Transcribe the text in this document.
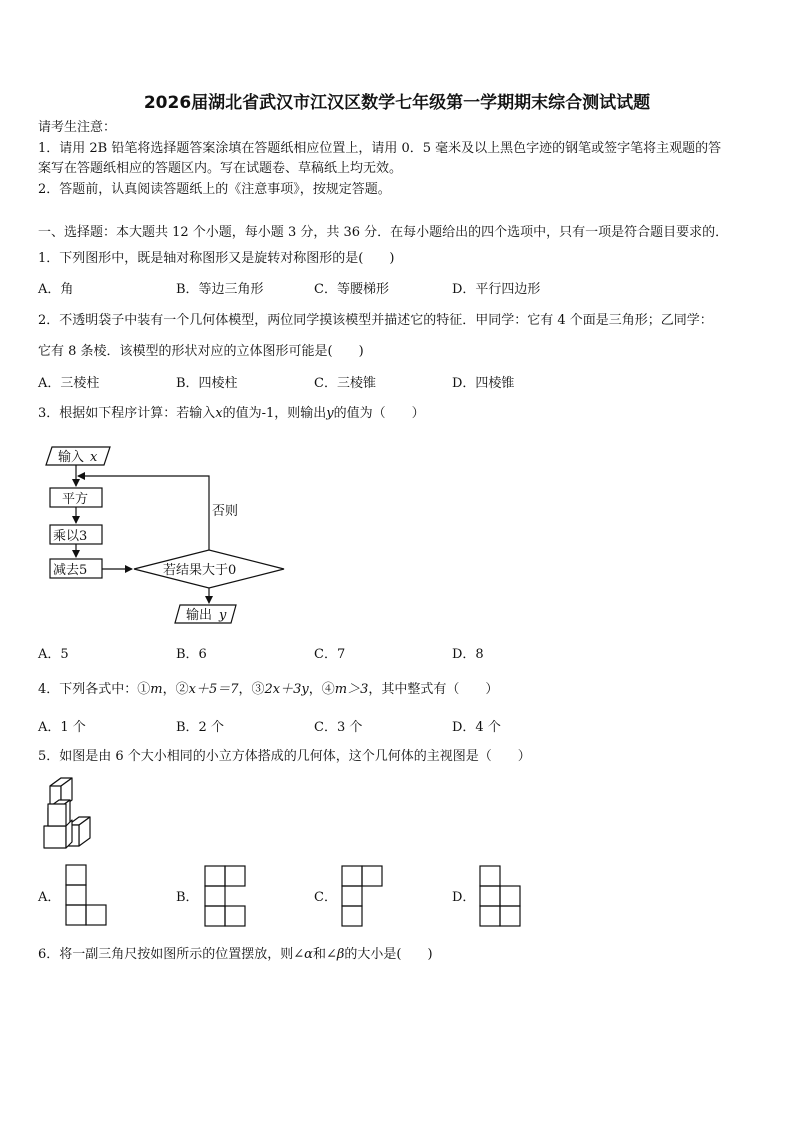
2026届湖北省武汉市江汉区数学七年级第一学期期末综合测试试题
请考生注意：
1．请用 2B 铅笔将选择题答案涂填在答题纸相应位置上，请用 0．5 毫米及以上黑色字迹的钢笔或签字笔将主观题的答
案写在答题纸相应的答题区内。写在试题卷、草稿纸上均无效。
2．答题前，认真阅读答题纸上的《注意事项》，按规定答题。
一、选择题：本大题共 12 个小题，每小题 3 分，共 36 分．在每小题给出的四个选项中，只有一项是符合题目要求的．
1．下列图形中，既是轴对称图形又是旋转对称图形的是(　　)
A．角	B．等边三角形	C．等腰梯形	D．平行四边形
2．不透明袋子中装有一个几何体模型，两位同学摸该模型并描述它的特征．甲同学：它有 4 个面是三角形；乙同学：
它有 8 条棱．该模型的形状对应的立体图形可能是(　　)
A．三棱柱	B．四棱柱	C．三棱锥	D．四棱锥
3．根据如下程序计算：若输入x的值为-1，则输出y的值为（　　）
输入 x
平方
乘以3
减去5	若结果大于0
否则
输出 y
A．5	B．6	C．7	D．8
4．下列各式中：①m，②x＋5＝7，③2x＋3y，④m＞3，其中整式有（　　）
A．1 个	B．2 个	C．3 个	D．4 个
5．如图是由 6 个大小相同的小立方体搭成的几何体，这个几何体的主视图是（　　）
A．	B．	C．	D．
6．将一副三角尺按如图所示的位置摆放，则∠α和∠β的大小是(　　)
